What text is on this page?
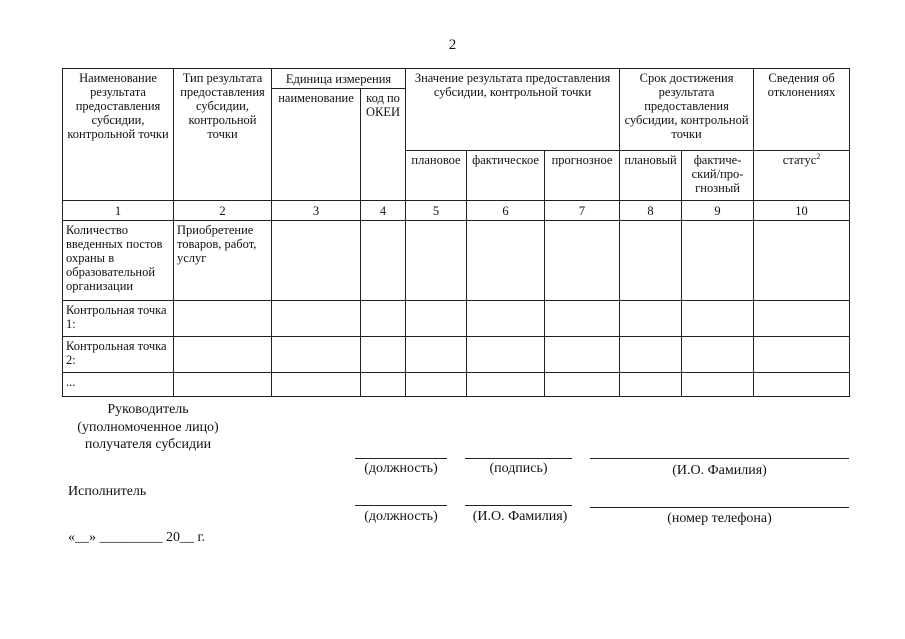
2
Наименование результата предоставления субсидии, контрольной точки	Тип результата предоставления субсидии, контрольной точки	Единица измерения		Значение результата предоставления субсидии, контрольной точки			Срок достижения результата предоставления субсидии, контрольной точки		Сведения об отклонениях
		наименование	код по ОКЕИ						
				плановое	фактическое	прогнозное	плановый	фактиче-ский/про-гнозный	статус$^2$
1	2	3	4	5	6	7	8	9	10
Количество введенных постов охраны в образовательной организации	Приобретение товаров, работ, услуг								
Контрольная точка 1:									
Контрольная точка 2:									
...									
Руководитель
(уполномоченное лицо)
получателя субсидии
(должность)	(подпись)	(И.О. Фамилия)
Исполнитель
(должность)	(И.О. Фамилия)	(номер телефона)
«__» _________ 20__ г.
